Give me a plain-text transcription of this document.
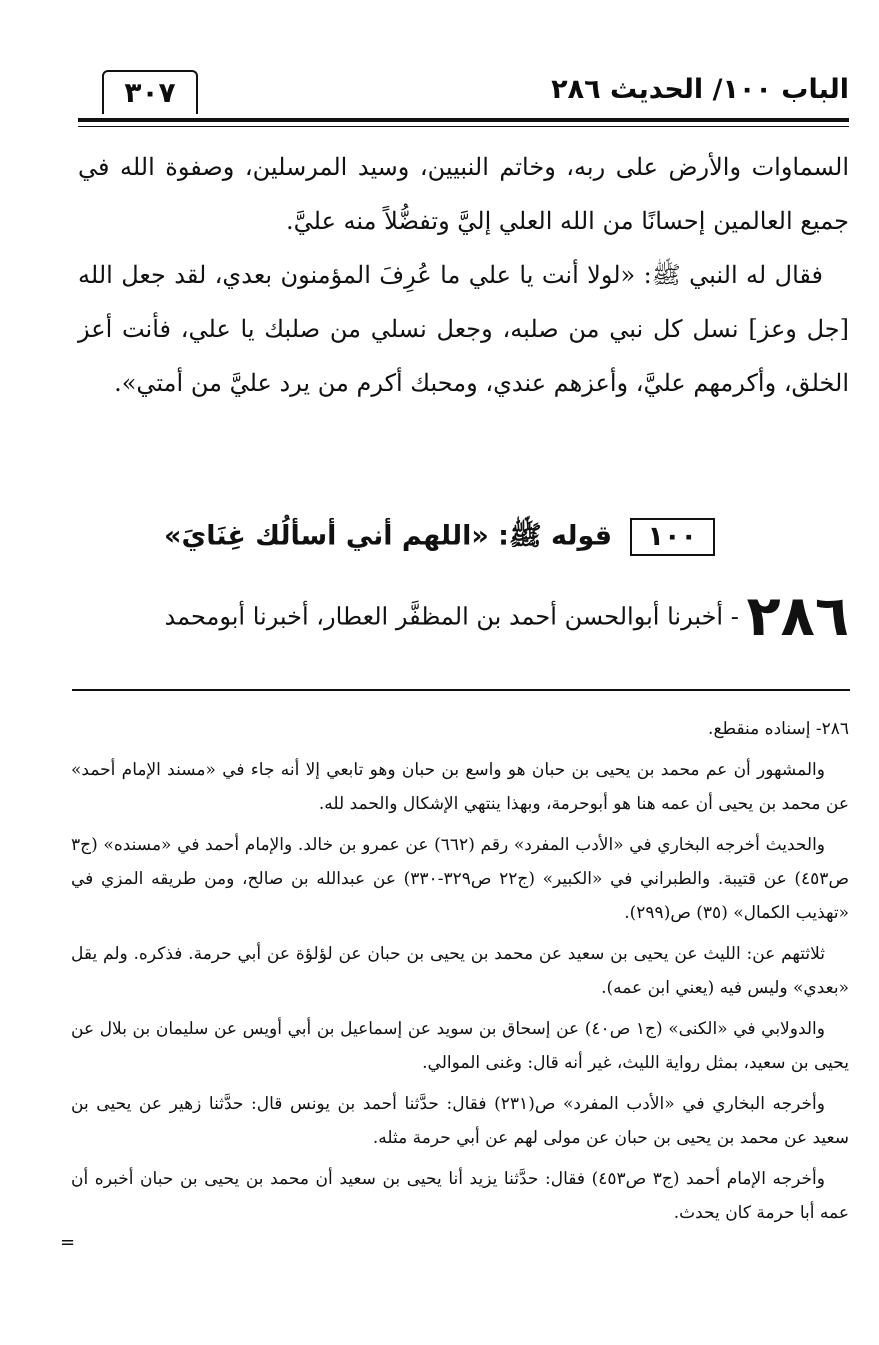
الباب ١٠٠/ الحديث ٢٨٦
٣٠٧

السماوات والأرض على ربه، وخاتم النبيين، وسيد المرسلين، وصفوة الله في جميع العالمين إحسانًا من الله العلي إليَّ وتفضُّلاً منه عليَّ.

فقال له النبي ﷺ: «لولا أنت يا علي ما عُرِفَ المؤمنون بعدي، لقد جعل الله [جل وعز] نسل كل نبي من صلبه، وجعل نسلي من صلبك يا علي، فأنت أعز الخلق، وأكرمهم عليَّ، وأعزهم عندي، ومحبك أكرم من يرد عليَّ من أمتي».

١٠٠ قوله ﷺ: «اللهم أني أسألُك غِنَايَ»
٢٨٦ - أخبرنا أبوالحسن أحمد بن المظفَّر العطار، أخبرنا أبومحمد

٢٨٦- إسناده منقطع.

والمشهور أن عم محمد بن يحيى بن حبان هو واسع بن حبان وهو تابعي إلا أنه جاء في «مسند الإمام أحمد» عن محمد بن يحيى أن عمه هنا هو أبوحرمة، وبهذا ينتهي الإشكال والحمد لله.

والحديث أخرجه البخاري في «الأدب المفرد» رقم (٦٦٢) عن عمرو بن خالد. والإمام أحمد في «مسنده» (ج٣ ص٤٥٣) عن قتيبة. والطبراني في «الكبير» (ج٢٢ ص٣٢٩-٣٣٠) عن عبدالله بن صالح، ومن طريقه المزي في «تهذيب الكمال» (٣٥) ص(٢٩٩).

ثلاثتهم عن: الليث عن يحيى بن سعيد عن محمد بن يحيى بن حبان عن لؤلؤة عن أبي حرمة. فذكره. ولم يقل «بعدي» وليس فيه (يعني ابن عمه).

والدولابي في «الكنى» (ج١ ص٤٠) عن إسحاق بن سويد عن إسماعيل بن أبي أويس عن سليمان بن بلال عن يحيى بن سعيد، بمثل رواية الليث، غير أنه قال: وغنى الموالي.

وأخرجه البخاري في «الأدب المفرد» ص(٢٣١) فقال: حدَّثنا أحمد بن يونس قال: حدَّثنا زهير عن يحيى بن سعيد عن محمد بن يحيى بن حبان عن مولى لهم عن أبي حرمة مثله.

وأخرجه الإمام أحمد (ج٣ ص٤٥٣) فقال: حدَّثنا يزيد أنا يحيى بن سعيد أن محمد بن يحيى بن حبان أخبره أن عمه أبا حرمة كان يحدث.

=
